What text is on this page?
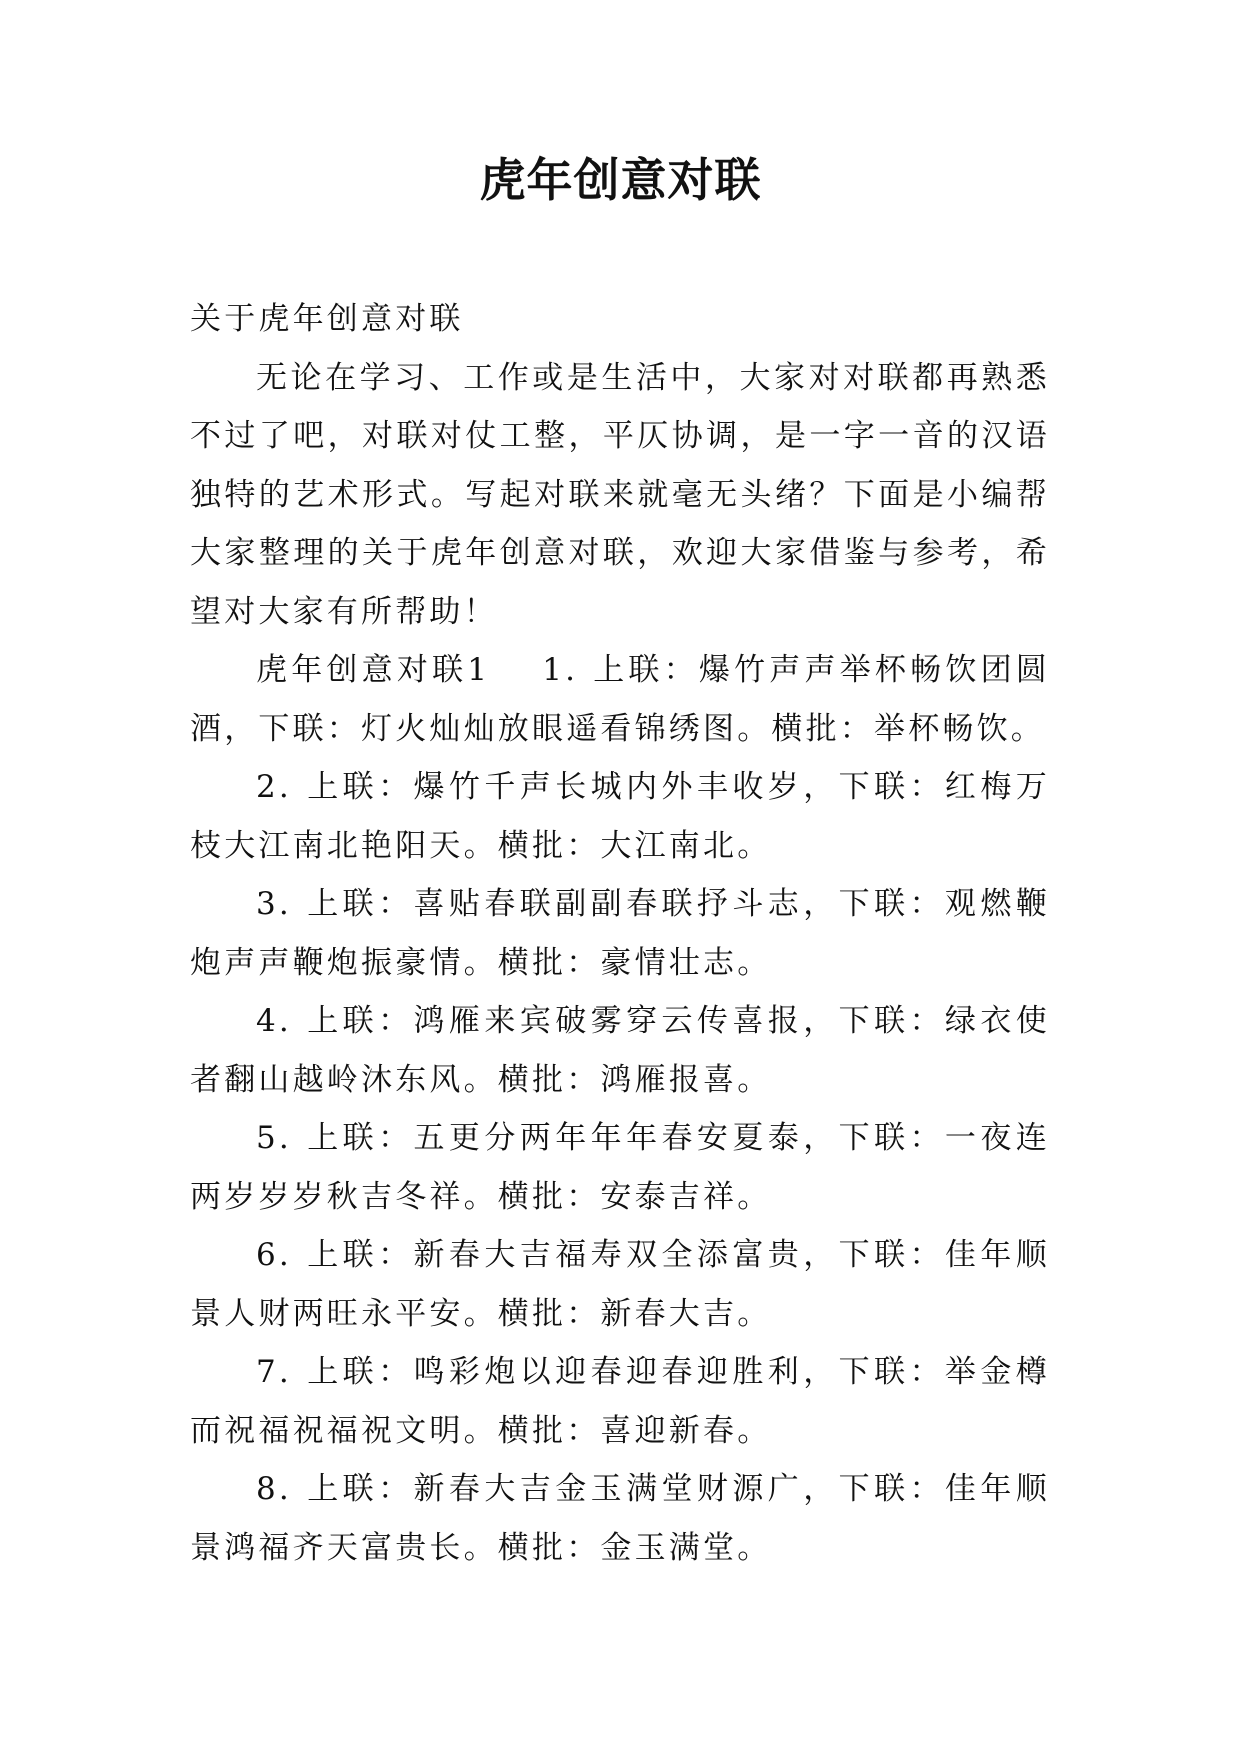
虎年创意对联

关于虎年创意对联

无论在学习、工作或是生活中，大家对对联都再熟悉不过了吧，对联对仗工整，平仄协调，是一字一音的汉语独特的艺术形式。写起对联来就毫无头绪？下面是小编帮大家整理的关于虎年创意对联，欢迎大家借鉴与参考，希望对大家有所帮助！

虎年创意对联1 1. 上联：爆竹声声举杯畅饮团圆酒，下联：灯火灿灿放眼遥看锦绣图。横批：举杯畅饮。

2. 上联：爆竹千声长城内外丰收岁，下联：红梅万枝大江南北艳阳天。横批：大江南北。

3. 上联：喜贴春联副副春联抒斗志，下联：观燃鞭炮声声鞭炮振豪情。横批：豪情壮志。

4. 上联：鸿雁来宾破雾穿云传喜报，下联：绿衣使者翻山越岭沐东风。横批：鸿雁报喜。

5. 上联：五更分两年年年春安夏泰，下联：一夜连两岁岁岁秋吉冬祥。横批：安泰吉祥。

6. 上联：新春大吉福寿双全添富贵，下联：佳年顺景人财两旺永平安。横批：新春大吉。

7. 上联：鸣彩炮以迎春迎春迎胜利，下联：举金樽而祝福祝福祝文明。横批：喜迎新春。

8. 上联：新春大吉金玉满堂财源广，下联：佳年顺景鸿福齐天富贵长。横批：金玉满堂。
